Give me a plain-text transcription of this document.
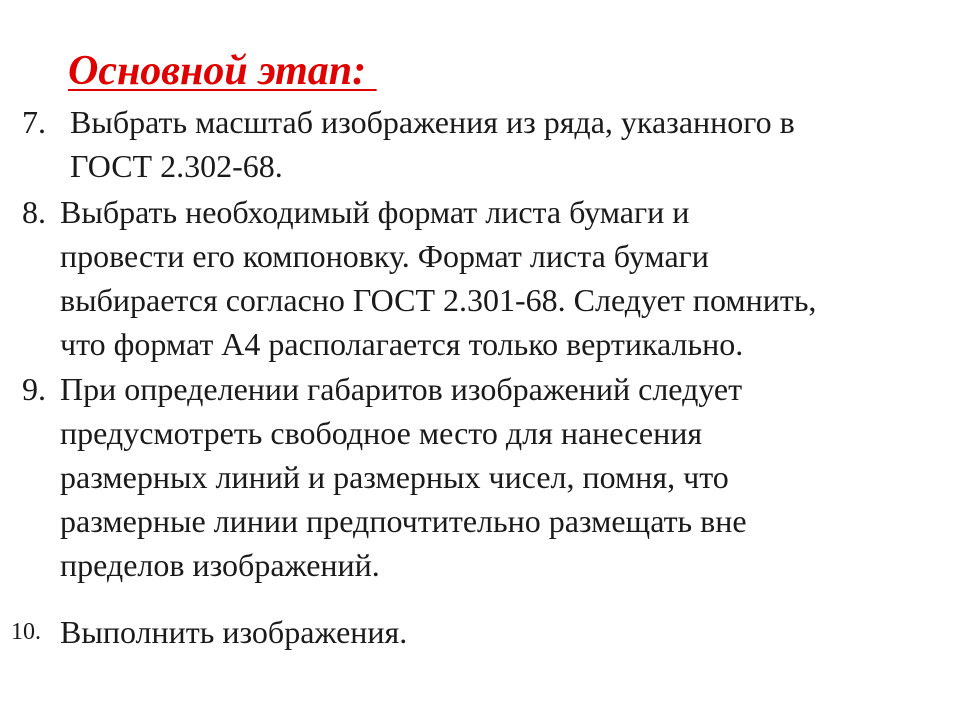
Основной этап:
7. Выбрать масштаб изображения из ряда, указанного в
ГОСТ 2.302-68.
8. Выбрать необходимый формат листа бумаги и
провести его компоновку. Формат листа бумаги
выбирается согласно ГОСТ 2.301-68. Следует помнить,
что формат А4 располагается только вертикально.
9. При определении габаритов изображений следует
предусмотреть свободное место для нанесения
размерных линий и размерных чисел, помня, что
размерные линии предпочтительно размещать вне
пределов изображений.
10. Выполнить изображения.
